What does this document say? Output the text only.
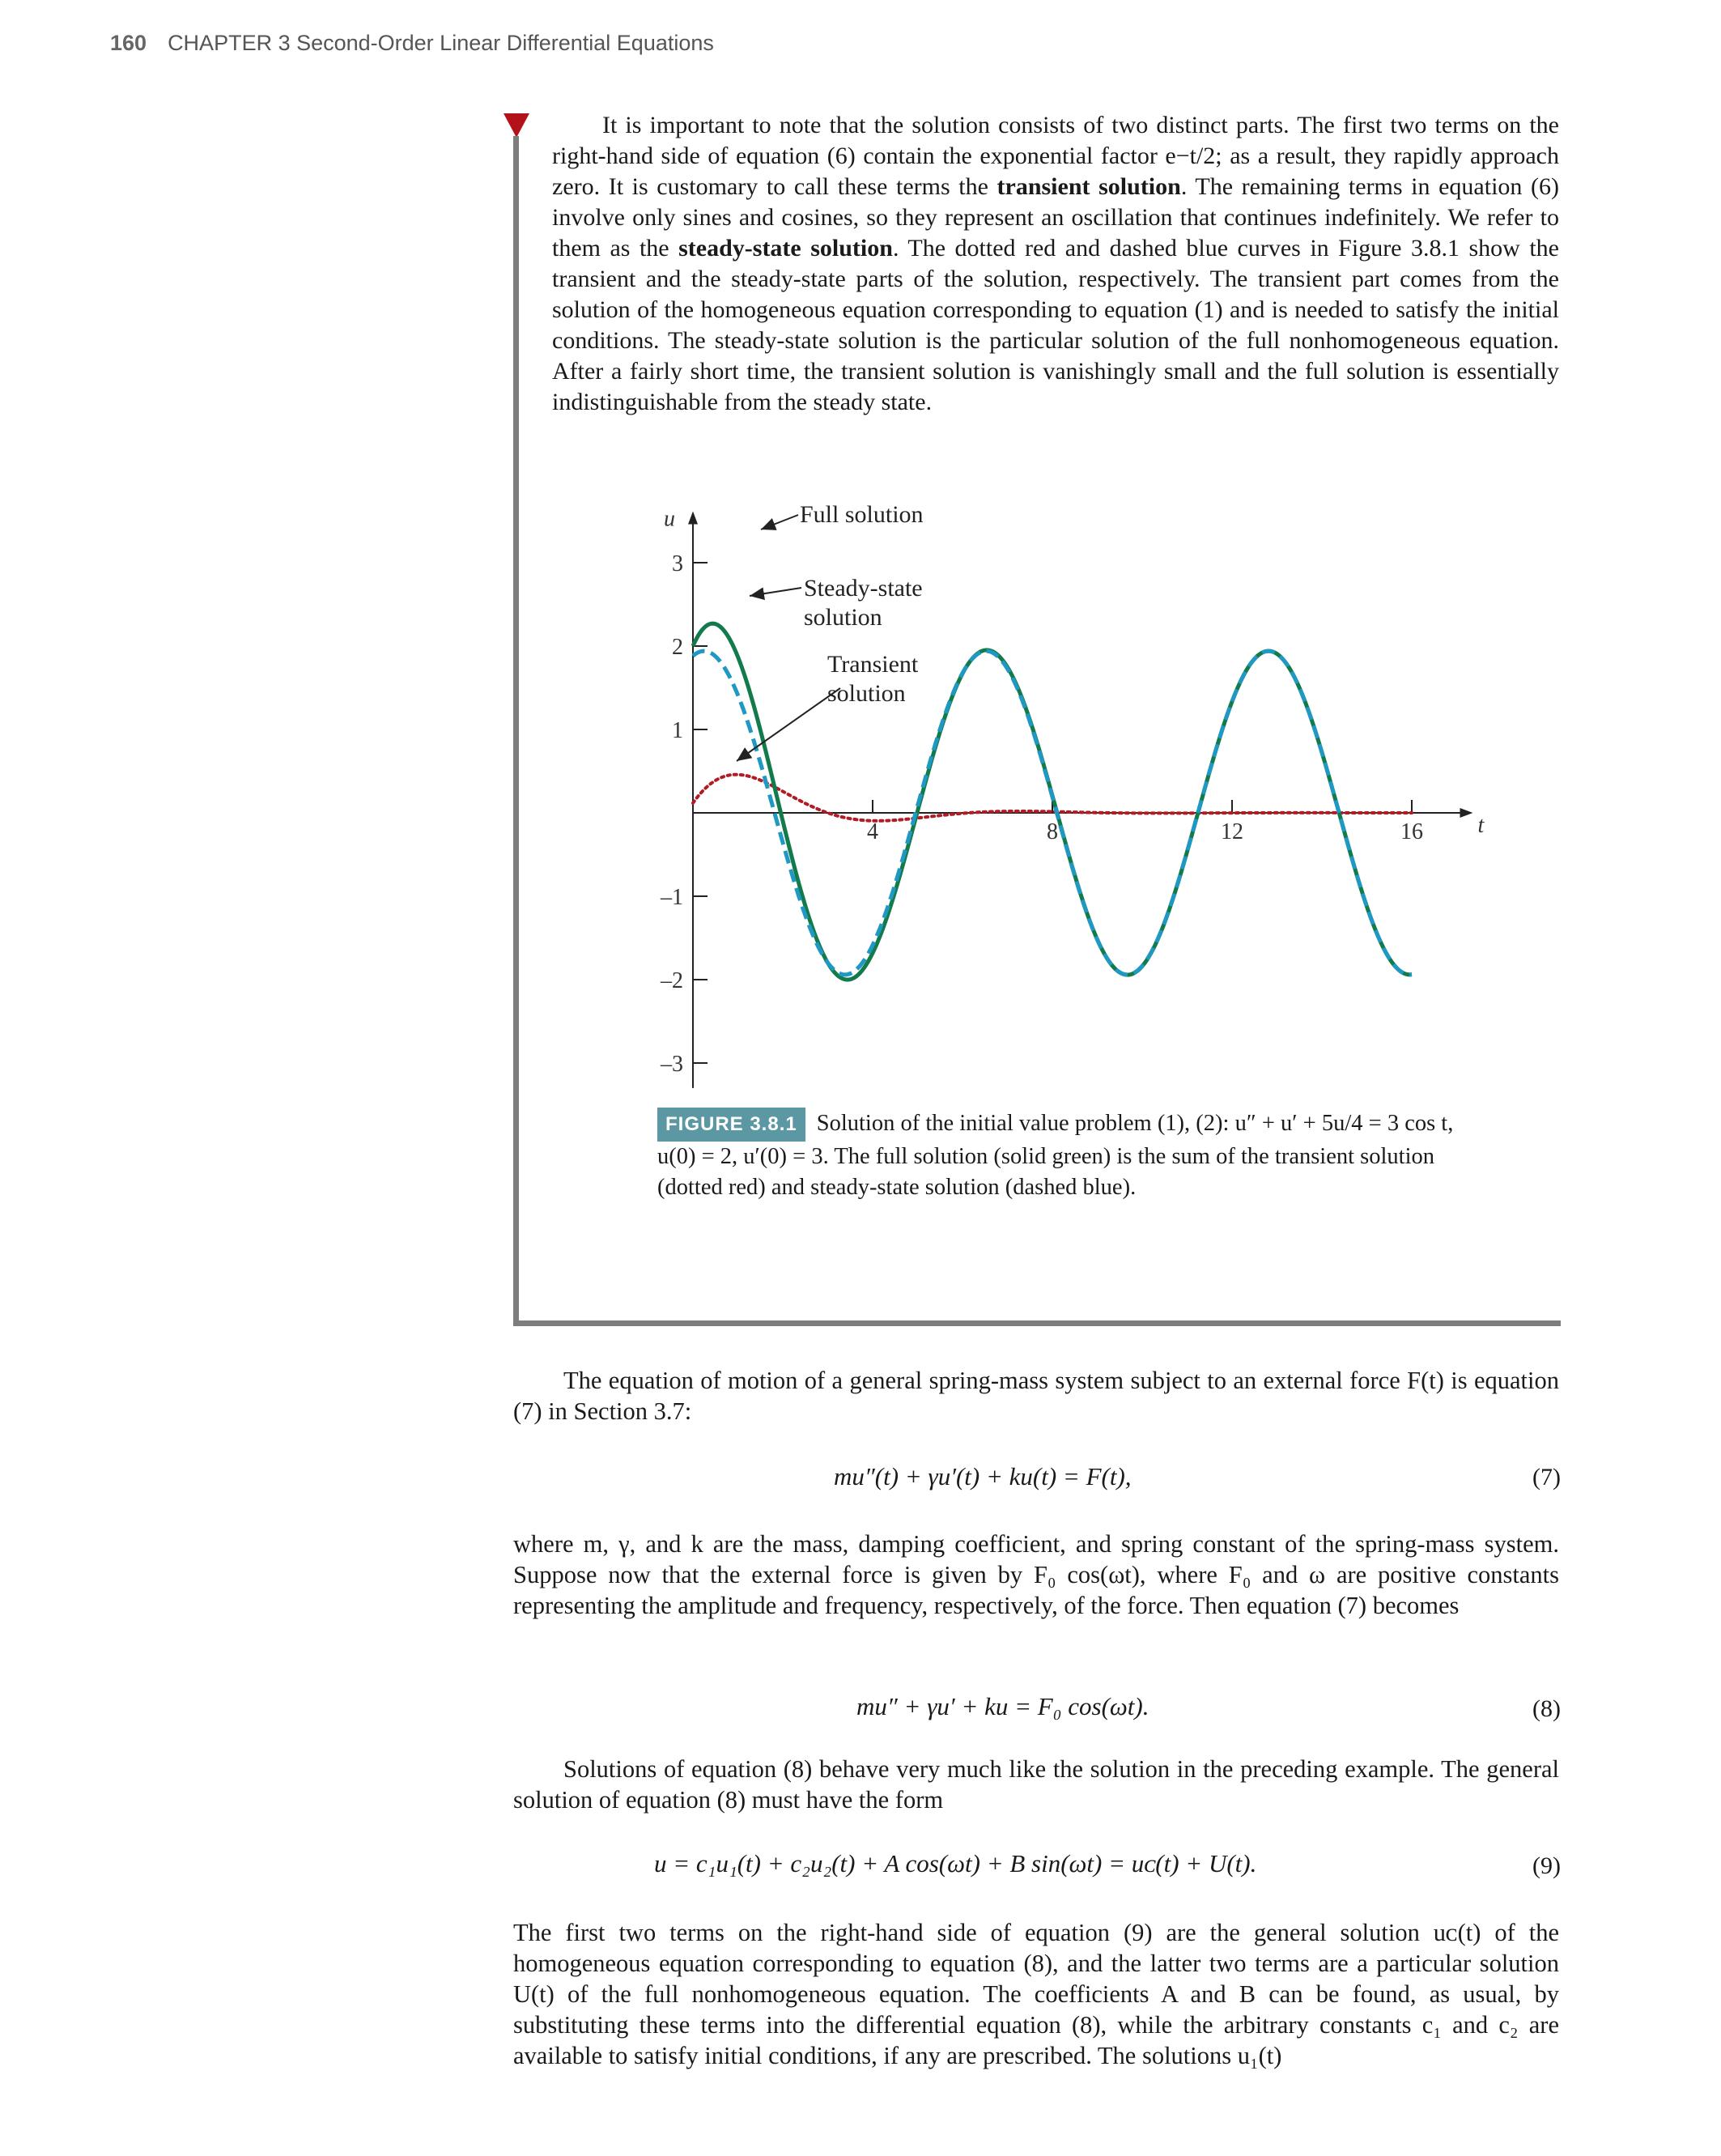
160 CHAPTER 3 Second-Order Linear Differential Equations
It is important to note that the solution consists of two distinct parts. The first two terms on the right-hand side of equation (6) contain the exponential factor e−t/2; as a result, they rapidly approach zero. It is customary to call these terms the transient solution. The remaining terms in equation (6) involve only sines and cosines, so they represent an oscillation that continues indefinitely. We refer to them as the steady-state solution. The dotted red and dashed blue curves in Figure 3.8.1 show the transient and the steady-state parts of the solution, respectively. The transient part comes from the solution of the homogeneous equation corresponding to equation (1) and is needed to satisfy the initial conditions. The steady-state solution is the particular solution of the full nonhomogeneous equation. After a fairly short time, the transient solution is vanishingly small and the full solution is essentially indistinguishable from the steady state.
t
u
4	8	12	16
3
2
1
–1
–2
–3
Full solution
Steady-state
solution
Transient
solution
FIGURE 3.8.1 Solution of the initial value problem (1), (2): u″ + u′ + 5u/4 = 3 cos t, u(0) = 2, u′(0) = 3. The full solution (solid green) is the sum of the transient solution (dotted red) and steady-state solution (dashed blue).
The equation of motion of a general spring-mass system subject to an external force F(t) is equation (7) in Section 3.7:
mu″(t) + γu′(t) + ku(t) = F(t),	(7)
where m, γ, and k are the mass, damping coefficient, and spring constant of the spring-mass system. Suppose now that the external force is given by F₀ cos(ωt), where F₀ and ω are positive constants representing the amplitude and frequency, respectively, of the force. Then equation (7) becomes
mu″ + γu′ + ku = F₀ cos(ωt).	(8)
Solutions of equation (8) behave very much like the solution in the preceding example. The general solution of equation (8) must have the form
u = c₁u₁(t) + c₂u₂(t) + A cos(ωt) + B sin(ωt) = uᴄ(t) + U(t).	(9)
The first two terms on the right-hand side of equation (9) are the general solution uᴄ(t) of the homogeneous equation corresponding to equation (8), and the latter two terms are a particular solution U(t) of the full nonhomogeneous equation. The coefficients A and B can be found, as usual, by substituting these terms into the differential equation (8), while the arbitrary constants c₁ and c₂ are available to satisfy initial conditions, if any are prescribed. The solutions u₁(t)
